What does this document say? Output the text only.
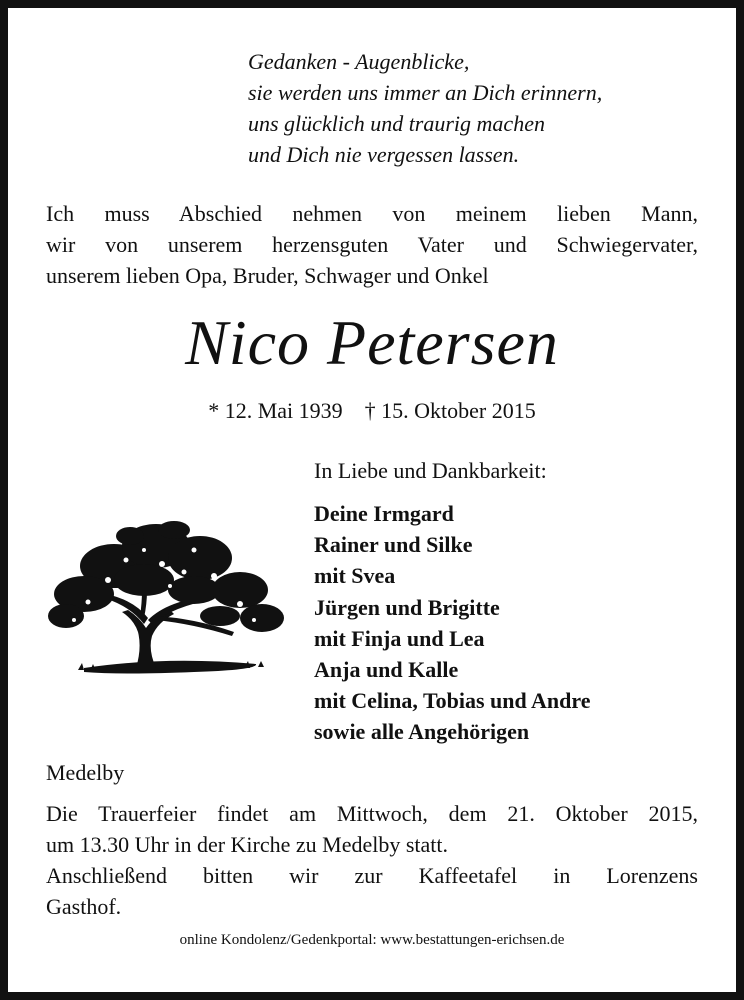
Gedanken - Augenblicke,
sie werden uns immer an Dich erinnern,
uns glücklich und traurig machen
und Dich nie vergessen lassen.
Ich muss Abschied nehmen von meinem lieben Mann,
wir von unserem herzensguten Vater und Schwiegervater,
unserem lieben Opa, Bruder, Schwager und Onkel
Nico Petersen
* 12. Mai 1939 † 15. Oktober 2015
In Liebe und Dankbarkeit:
Deine Irmgard
Rainer und Silke
mit Svea
Jürgen und Brigitte
mit Finja und Lea
Anja und Kalle
mit Celina, Tobias und Andre
sowie alle Angehörigen
Medelby
Die Trauerfeier findet am Mittwoch, dem 21. Oktober 2015,
um 13.30 Uhr in der Kirche zu Medelby statt.
Anschließend bitten wir zur Kaffeetafel in Lorenzens
Gasthof.
online Kondolenz/Gedenkportal: www.bestattungen-erichsen.de
